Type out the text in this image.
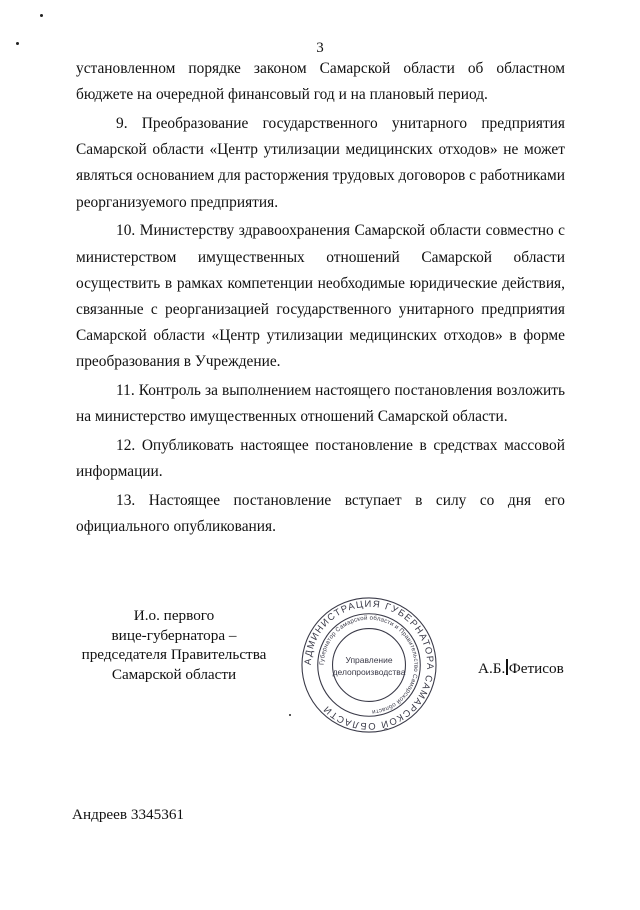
3

установленном порядке законом Самарской области об областном бюджете на очередной финансовый год и на плановый период.

9. Преобразование государственного унитарного предприятия Самарской области «Центр утилизации медицинских отходов» не может являться основанием для расторжения трудовых договоров с работниками реорганизуемого предприятия.

10. Министерству здравоохранения Самарской области совместно с министерством имущественных отношений Самарской области осуществить в рамках компетенции необходимые юридические действия, связанные с реорганизацией государственного унитарного предприятия Самарской области «Центр утилизации медицинских отходов» в форме преобразования в Учреждение.

11. Контроль за выполнением настоящего постановления возложить на министерство имущественных отношений Самарской области.

12. Опубликовать настоящее постановление в средствах массовой информации.

13. Настоящее постановление вступает в силу со дня его официального опубликования.

И.о. первого
вице-губернатора –
председателя Правительства
Самарской области
АДМИНИСТРАЦИЯ ГУБЕРНАТОРА САМАРСКОЙ ОБЛАСТИ
Губернатор Самарской области и Правительство Самарской области
Управление
делопроизводства	А.Б. Фетисов
Андреев 3345361
